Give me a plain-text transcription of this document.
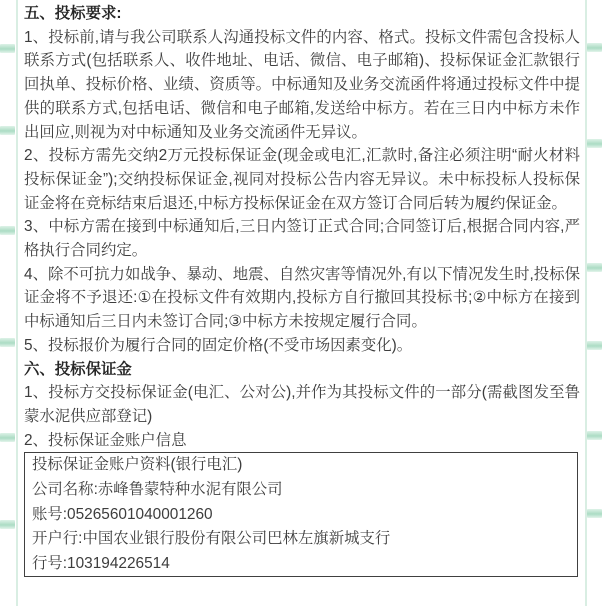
五、投标要求:

1、投标前,请与我公司联系人沟通投标文件的内容、格式。投标文件需包含投标人联系方式(包括联系人、收件地址、电话、微信、电子邮箱)、投标保证金汇款银行回执单、投标价格、业绩、资质等。中标通知及业务交流函件将通过投标文件中提供的联系方式,包括电话、微信和电子邮箱,发送给中标方。若在三日内中标方未作出回应,则视为对中标通知及业务交流函件无异议。

2、投标方需先交纳2万元投标保证金(现金或电汇,汇款时,备注必须注明“耐火材料投标保证金”);交纳投标保证金,视同对投标公告内容无异议。未中标投标人投标保证金将在竞标结束后退还,中标方投标保证金在双方签订合同后转为履约保证金。

3、中标方需在接到中标通知后,三日内签订正式合同;合同签订后,根据合同内容,严格执行合同约定。

4、除不可抗力如战争、暴动、地震、自然灾害等情况外,有以下情况发生时,投标保证金将不予退还:①在投标文件有效期内,投标方自行撤回其投标书;②中标方在接到中标通知后三日内未签订合同;③中标方未按规定履行合同。

5、投标报价为履行合同的固定价格(不受市场因素变化)。

六、投标保证金

1、投标方交投标保证金(电汇、公对公),并作为其投标文件的一部分(需截图发至鲁蒙水泥供应部登记)

2、投标保证金账户信息

投标保证金账户资料(银行电汇)
公司名称:赤峰鲁蒙特种水泥有限公司
账号:05265601040001260
开户行:中国农业银行股份有限公司巴林左旗新城支行
行号:103194226514
